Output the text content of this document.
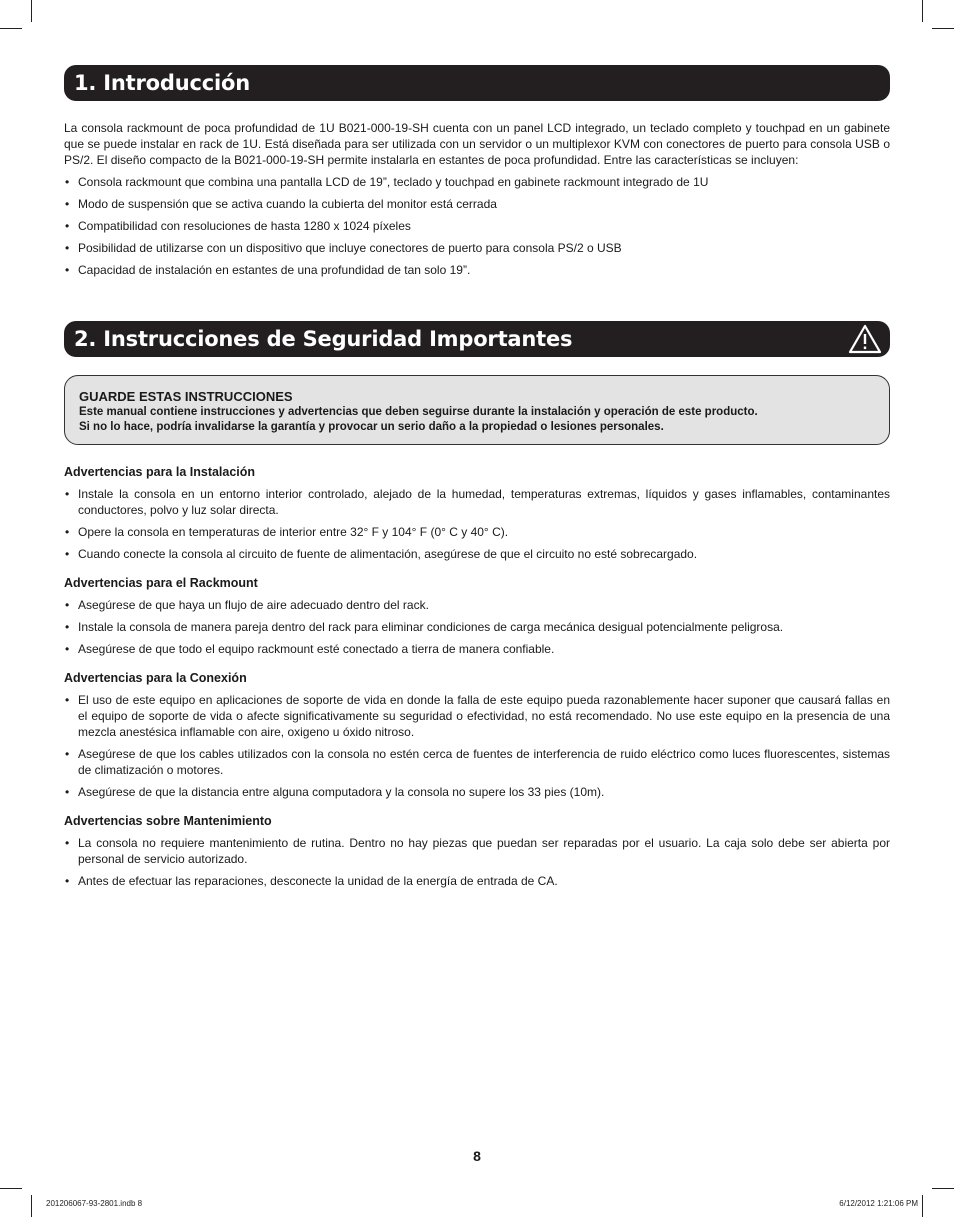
1. Introducción

La consola rackmount de poca profundidad de 1U B021-000-19-SH cuenta con un panel LCD integrado, un teclado completo y touchpad en un gabinete que se puede instalar en rack de 1U. Está diseñada para ser utilizada con un servidor o un multiplexor KVM con conectores de puerto para consola USB o PS/2. El diseño compacto de la B021-000-19-SH permite instalarla en estantes de poca profundidad. Entre las características se incluyen:

• Consola rackmount que combina una pantalla LCD de 19”, teclado y touchpad en gabinete rackmount integrado de 1U
• Modo de suspensión que se activa cuando la cubierta del monitor está cerrada
• Compatibilidad con resoluciones de hasta 1280 x 1024 píxeles
• Posibilidad de utilizarse con un dispositivo que incluye conectores de puerto para consola PS/2 o USB
• Capacidad de instalación en estantes de una profundidad de tan solo 19”.
2. Instrucciones de Seguridad Importantes
GUARDE ESTAS INSTRUCCIONES
Este manual contiene instrucciones y advertencias que deben seguirse durante la instalación y operación de este producto.
Si no lo hace, podría invalidarse la garantía y provocar un serio daño a la propiedad o lesiones personales.
Advertencias para la Instalación
• Instale la consola en un entorno interior controlado, alejado de la humedad, temperaturas extremas, líquidos y gases inflamables, contaminantes conductores, polvo y luz solar directa.
• Opere la consola en temperaturas de interior entre 32° F y 104° F (0° C y 40° C).
• Cuando conecte la consola al circuito de fuente de alimentación, asegúrese de que el circuito no esté sobrecargado.
Advertencias para el Rackmount
• Asegúrese de que haya un flujo de aire adecuado dentro del rack.
• Instale la consola de manera pareja dentro del rack para eliminar condiciones de carga mecánica desigual potencialmente peligrosa.
• Asegúrese de que todo el equipo rackmount esté conectado a tierra de manera confiable.
Advertencias para la Conexión
• El uso de este equipo en aplicaciones de soporte de vida en donde la falla de este equipo pueda razonablemente hacer suponer que causará fallas en el equipo de soporte de vida o afecte significativamente su seguridad o efectividad, no está recomendado. No use este equipo en la presencia de una mezcla anestésica inflamable con aire, oxigeno u óxido nitroso.
• Asegúrese de que los cables utilizados con la consola no estén cerca de fuentes de interferencia de ruido eléctrico como luces fluorescentes, sistemas de climatización o motores.
• Asegúrese de que la distancia entre alguna computadora y la consola no supere los 33 pies (10m).
Advertencias sobre Mantenimiento
• La consola no requiere mantenimiento de rutina. Dentro no hay piezas que puedan ser reparadas por el usuario. La caja solo debe ser abierta por personal de servicio autorizado.
• Antes de efectuar las reparaciones, desconecte la unidad de la energía de entrada de CA.
8
201206067-93-2801.indb 8	6/12/2012 1:21:06 PM
